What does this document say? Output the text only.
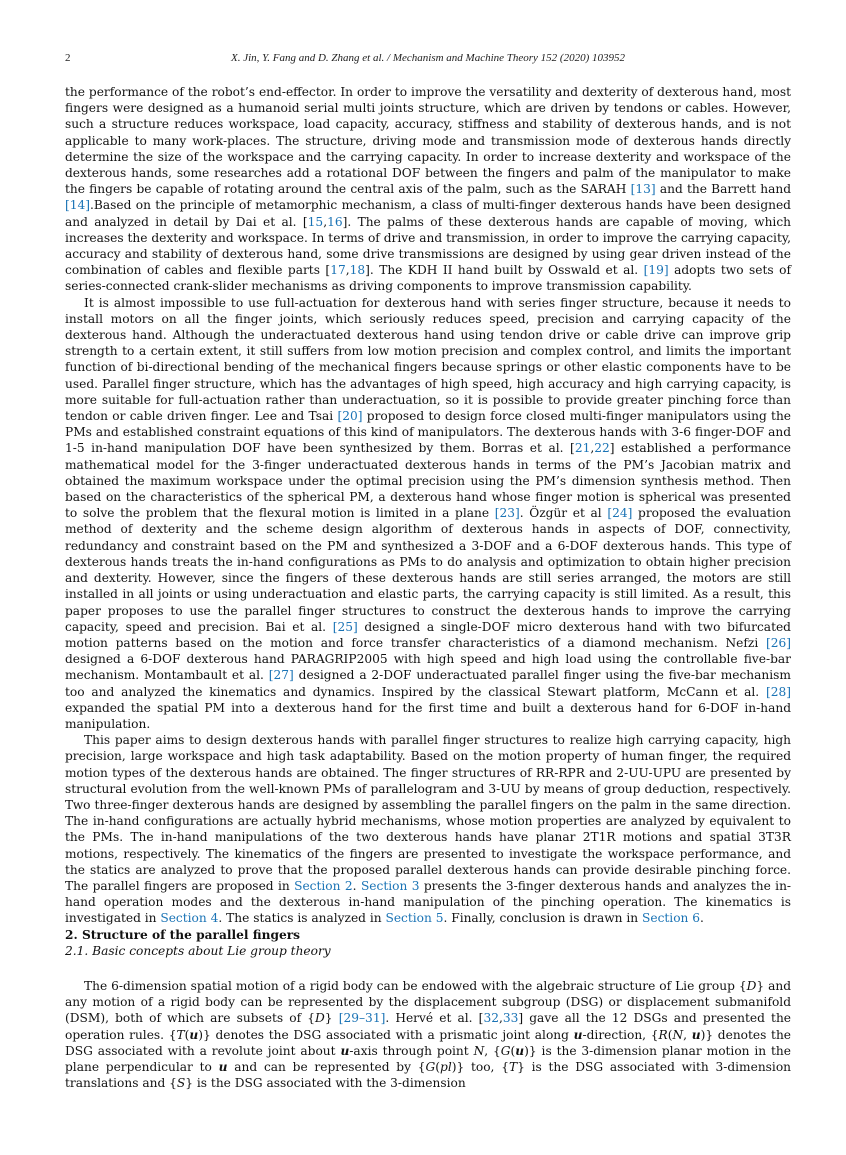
2	X. Jin, Y. Fang and D. Zhang et al. / Mechanism and Machine Theory 152 (2020) 103952

the performance of the robot’s end-effector. In order to improve the versatility and dexterity of dexterous hand, most fingers were designed as a humanoid serial multi joints structure, which are driven by tendons or cables. However, such a structure reduces workspace, load capacity, accuracy, stiffness and stability of dexterous hands, and is not applicable to many work-places. The structure, driving mode and transmission mode of dexterous hands directly determine the size of the workspace and the carrying capacity. In order to increase dexterity and workspace of the dexterous hands, some researches add a rotational DOF between the fingers and palm of the manipulator to make the fingers be capable of rotating around the central axis of the palm, such as the SARAH [13] and the Barrett hand [14].Based on the principle of metamorphic mechanism, a class of multi-finger dexterous hands have been designed and analyzed in detail by Dai et al. [15,16]. The palms of these dexterous hands are capable of moving, which increases the dexterity and workspace. In terms of drive and transmission, in order to improve the carrying capacity, accuracy and stability of dexterous hand, some drive transmissions are designed by using gear driven instead of the combination of cables and flexible parts [17,18]. The KDH II hand built by Osswald et al. [19] adopts two sets of series-connected crank-slider mechanisms as driving components to improve transmission capability.

It is almost impossible to use full-actuation for dexterous hand with series finger structure, because it needs to install motors on all the finger joints, which seriously reduces speed, precision and carrying capacity of the dexterous hand. Although the underactuated dexterous hand using tendon drive or cable drive can improve grip strength to a certain extent, it still suffers from low motion precision and complex control, and limits the important function of bi-directional bending of the mechanical fingers because springs or other elastic components have to be used. Parallel finger structure, which has the advantages of high speed, high accuracy and high carrying capacity, is more suitable for full-actuation rather than underactuation, so it is possible to provide greater pinching force than tendon or cable driven finger. Lee and Tsai [20] proposed to design force closed multi-finger manipulators using the PMs and established constraint equations of this kind of manipulators. The dexterous hands with 3-6 finger-DOF and 1-5 in-hand manipulation DOF have been synthesized by them. Borras et al. [21,22] established a performance mathematical model for the 3-finger underactuated dexterous hands in terms of the PM’s Jacobian matrix and obtained the maximum workspace under the optimal precision using the PM’s dimension synthesis method. Then based on the characteristics of the spherical PM, a dexterous hand whose finger motion is spherical was presented to solve the problem that the flexural motion is limited in a plane [23]. Özgür et al [24] proposed the evaluation method of dexterity and the scheme design algorithm of dexterous hands in aspects of DOF, connectivity, redundancy and constraint based on the PM and synthesized a 3-DOF and a 6-DOF dexterous hands. This type of dexterous hands treats the in-hand configurations as PMs to do analysis and optimization to obtain higher precision and dexterity. However, since the fingers of these dexterous hands are still series arranged, the motors are still installed in all joints or using underactuation and elastic parts, the carrying capacity is still limited. As a result, this paper proposes to use the parallel finger structures to construct the dexterous hands to improve the carrying capacity, speed and precision. Bai et al. [25] designed a single-DOF micro dexterous hand with two bifurcated motion patterns based on the motion and force transfer characteristics of a diamond mechanism. Nefzi [26] designed a 6-DOF dexterous hand PARAGRIP2005 with high speed and high load using the controllable five-bar mechanism. Montambault et al. [27] designed a 2-DOF underactuated parallel finger using the five-bar mechanism too and analyzed the kinematics and dynamics. Inspired by the classical Stewart platform, McCann et al. [28] expanded the spatial PM into a dexterous hand for the first time and built a dexterous hand for 6-DOF in-hand manipulation.

This paper aims to design dexterous hands with parallel finger structures to realize high carrying capacity, high precision, large workspace and high task adaptability. Based on the motion property of human finger, the required motion types of the dexterous hands are obtained. The finger structures of RR-RPR and 2-UU-UPU are presented by structural evolution from the well-known PMs of parallelogram and 3-UU by means of group deduction, respectively. Two three-finger dexterous hands are designed by assembling the parallel fingers on the palm in the same direction. The in-hand configurations are actually hybrid mechanisms, whose motion properties are analyzed by equivalent to the PMs. The in-hand manipulations of the two dexterous hands have planar 2T1R motions and spatial 3T3R motions, respectively. The kinematics of the fingers are presented to investigate the workspace performance, and the statics are analyzed to prove that the proposed parallel dexterous hands can provide desirable pinching force. The parallel fingers are proposed in Section 2. Section 3 presents the 3-finger dexterous hands and analyzes the in-hand operation modes and the dexterous in-hand manipulation of the pinching operation. The kinematics is investigated in Section 4. The statics is analyzed in Section 5. Finally, conclusion is drawn in Section 6.

2. Structure of the parallel fingers

2.1. Basic concepts about Lie group theory

The 6-dimension spatial motion of a rigid body can be endowed with the algebraic structure of Lie group {D} and any motion of a rigid body can be represented by the displacement subgroup (DSG) or displacement submanifold (DSM), both of which are subsets of {D} [29–31]. Hervé et al. [32,33] gave all the 12 DSGs and presented the operation rules. {T(u)} denotes the DSG associated with a prismatic joint along u-direction, {R(N, u)} denotes the DSG associated with a revolute joint about u-axis through point N, {G(u)} is the 3-dimension planar motion in the plane perpendicular to u and can be represented by {G(pl)} too, {T} is the DSG associated with 3-dimension translations and {S} is the DSG associated with the 3-dimension
